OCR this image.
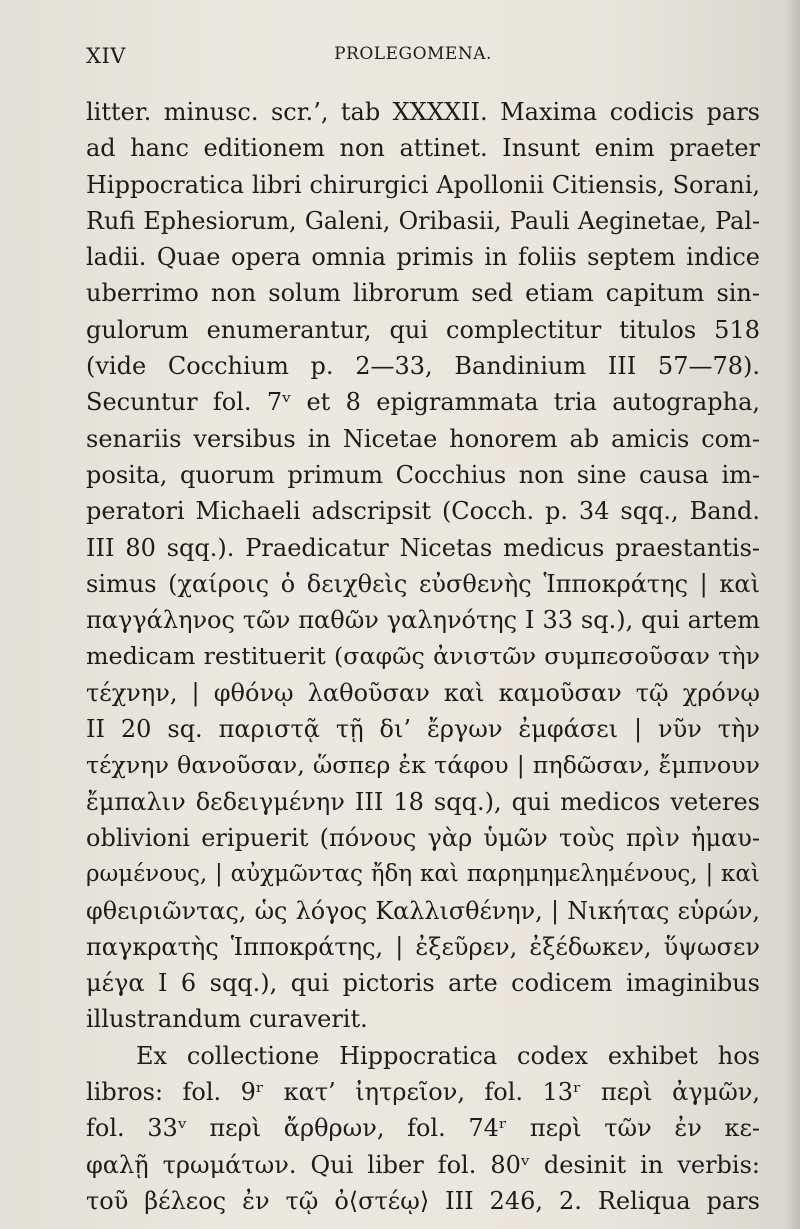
XIV	PROLEGOMENA.
litter. minusc. scr.’, tab XXXXII. Maxima codicis pars
ad hanc editionem non attinet. Insunt enim praeter
Hippocratica libri chirurgici Apollonii Citiensis, Sorani,
Rufi Ephesiorum, Galeni, Oribasii, Pauli Aeginetae, Pal-
ladii. Quae opera omnia primis in foliis septem indice
uberrimo non solum librorum sed etiam capitum sin-
gulorum enumerantur, qui complectitur titulos 518
(vide Cocchium p. 2—33, Bandinium III 57—78).
Secuntur fol. 7ᵛ et 8 epigrammata tria autographa,
senariis versibus in Nicetae honorem ab amicis com-
posita, quorum primum Cocchius non sine causa im-
peratori Michaeli adscripsit (Cocch. p. 34 sqq., Band.
III 80 sqq.). Praedicatur Nicetas medicus praestantis-
simus (χαίροις ὁ δειχθεὶς εὐσθενὴς Ἱπποκράτης | καὶ
παγγάληνος τῶν παθῶν γαληνότης I 33 sq.), qui artem
medicam restituerit (σαφῶς ἀνιστῶν συμπεσοῦσαν τὴν
τέχνην, | φθόνῳ λαθοῦσαν καὶ καμοῦσαν τῷ χρόνῳ
II 20 sq. παριστᾷ τῇ δι’ ἔργων ἐμφάσει | νῦν τὴν
τέχνην θανοῦσαν, ὥσπερ ἐκ τάφου | πηδῶσαν, ἔμπνουν
ἔμπαλιν δεδειγμένην III 18 sqq.), qui medicos veteres
oblivioni eripuerit (πόνους γὰρ ὑμῶν τοὺς πρὶν ἠμαυ-
ρωμένους, | αὐχμῶντας ἤδη καὶ παρημημελημένους, | καὶ
φθειριῶντας, ὡς λόγος Καλλισθένην, | Νικήτας εὑρών,
παγκρατὴς Ἱπποκράτης, | ἐξεῦρεν, ἐξέδωκεν, ὕψωσεν
μέγα I 6 sqq.), qui pictoris arte codicem imaginibus
illustrandum curaverit.
Ex collectione Hippocratica codex exhibet hos
libros: fol. 9ʳ κατ’ ἰητρεῖον, fol. 13ʳ περὶ ἀγμῶν,
fol. 33ᵛ περὶ ἄρθρων, fol. 74ʳ περὶ τῶν ἐν κε-
φαλῇ τρωμάτων. Qui liber fol. 80ᵛ desinit in verbis:
τοῦ βέλεος ἐν τῷ ὀ⟨στέῳ⟩ III 246, 2. Reliqua pars
